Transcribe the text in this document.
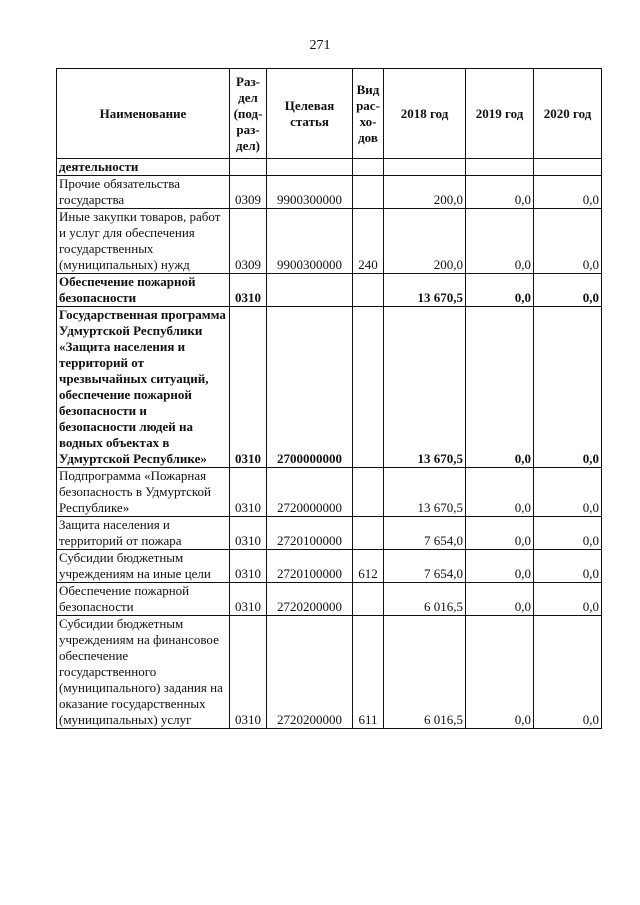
271
Наименование	Раз-дел (под-раз-дел)	Целевая статья	Вид рас-хо-дов	2018 год	2019 год	2020 год
деятельности						
Прочие обязательства государства	0309	9900300000		200,0	0,0	0,0
Иные закупки товаров, работ и услуг для обеспечения государственных (муниципальных) нужд	0309	9900300000	240	200,0	0,0	0,0
Обеспечение пожарной безопасности	0310			13 670,5	0,0	0,0
Государственная программа Удмуртской Республики «Защита населения и территорий от чрезвычайных ситуаций, обеспечение пожарной безопасности и безопасности людей на водных объектах в Удмуртской Республике»	0310	2700000000		13 670,5	0,0	0,0
Подпрограмма «Пожарная безопасность в Удмуртской Республике»	0310	2720000000		13 670,5	0,0	0,0
Защита населения и территорий от пожара	0310	2720100000		7 654,0	0,0	0,0
Субсидии бюджетным учреждениям на иные цели	0310	2720100000	612	7 654,0	0,0	0,0
Обеспечение пожарной безопасности	0310	2720200000		6 016,5	0,0	0,0
Субсидии бюджетным учреждениям на финансовое обеспечение государственного (муниципального) задания на оказание государственных (муниципальных) услуг	0310	2720200000	611	6 016,5	0,0	0,0
